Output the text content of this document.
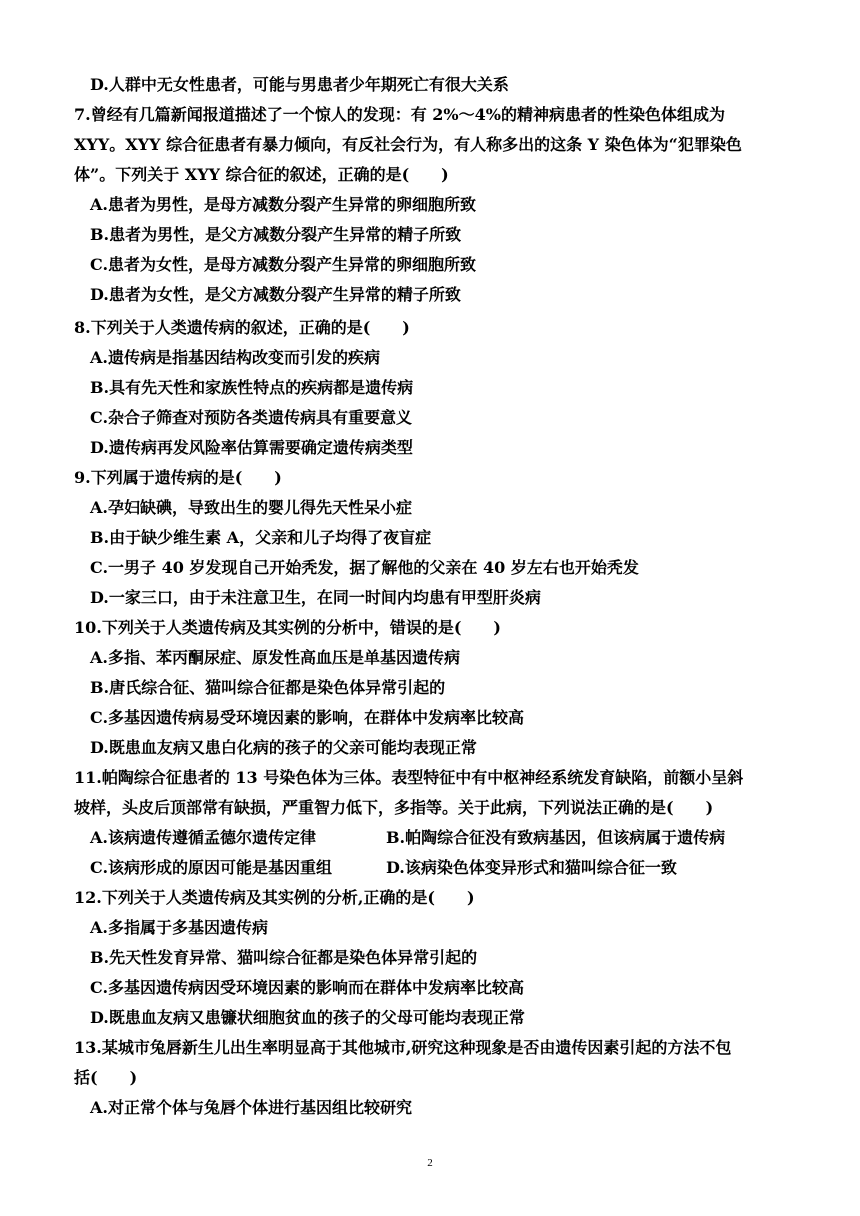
D.人群中无女性患者，可能与男患者少年期死亡有很大关系
7.曾经有几篇新闻报道描述了一个惊人的发现：有 2%～4%的精神病患者的性染色体组成为
XYY。XYY 综合征患者有暴力倾向，有反社会行为，有人称多出的这条 Y 染色体为“犯罪染色
体”。下列关于 XYY 综合征的叙述，正确的是(　　)
A.患者为男性，是母方减数分裂产生异常的卵细胞所致
B.患者为男性，是父方减数分裂产生异常的精子所致
C.患者为女性，是母方减数分裂产生异常的卵细胞所致
D.患者为女性，是父方减数分裂产生异常的精子所致
8.下列关于人类遗传病的叙述，正确的是(　　)
A.遗传病是指基因结构改变而引发的疾病
B.具有先天性和家族性特点的疾病都是遗传病
C.杂合子筛查对预防各类遗传病具有重要意义
D.遗传病再发风险率估算需要确定遗传病类型
9.下列属于遗传病的是(　　)
A.孕妇缺碘，导致出生的婴儿得先天性呆小症
B.由于缺少维生素 A，父亲和儿子均得了夜盲症
C.一男子 40 岁发现自己开始秃发，据了解他的父亲在 40 岁左右也开始秃发
D.一家三口，由于未注意卫生，在同一时间内均患有甲型肝炎病
10.下列关于人类遗传病及其实例的分析中，错误的是(　　)
A.多指、苯丙酮尿症、原发性高血压是单基因遗传病
B.唐氏综合征、猫叫综合征都是染色体异常引起的
C.多基因遗传病易受环境因素的影响，在群体中发病率比较高
D.既患血友病又患白化病的孩子的父亲可能均表现正常
11.帕陶综合征患者的 13 号染色体为三体。表型特征中有中枢神经系统发育缺陷，前额小呈斜
坡样，头皮后顶部常有缺损，严重智力低下，多指等。关于此病，下列说法正确的是(　　)
A.该病遗传遵循孟德尔遗传定律	B.帕陶综合征没有致病基因，但该病属于遗传病
C.该病形成的原因可能是基因重组	D.该病染色体变异形式和猫叫综合征一致
12.下列关于人类遗传病及其实例的分析,正确的是(　　)
A.多指属于多基因遗传病
B.先天性发育异常、猫叫综合征都是染色体异常引起的
C.多基因遗传病因受环境因素的影响而在群体中发病率比较高
D.既患血友病又患镰状细胞贫血的孩子的父母可能均表现正常
13.某城市兔唇新生儿出生率明显高于其他城市,研究这种现象是否由遗传因素引起的方法不包
括(　　)
A.对正常个体与兔唇个体进行基因组比较研究
2
